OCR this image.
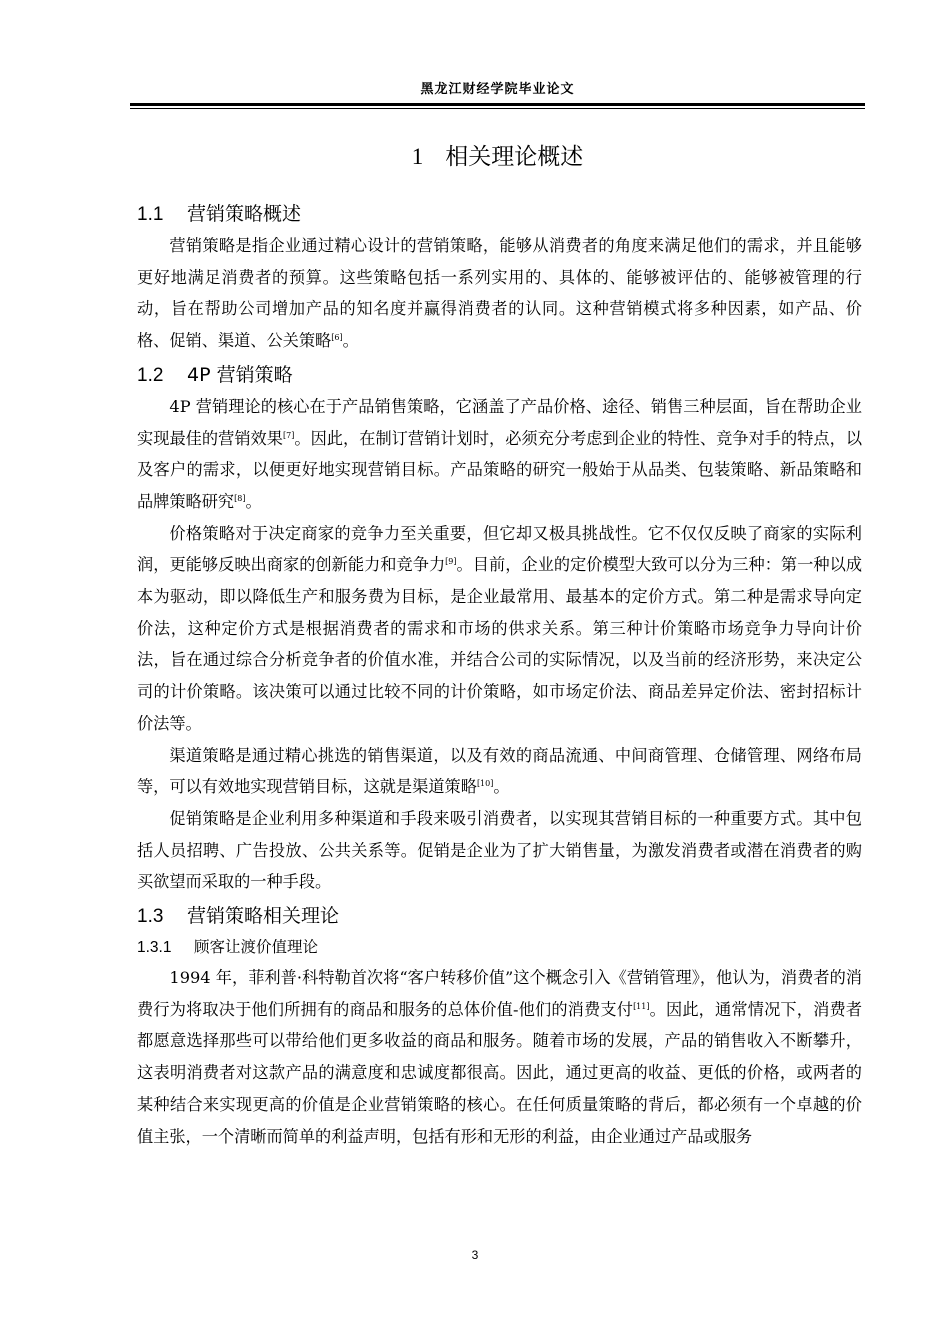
黑龙江财经学院毕业论文
1 相关理论概述
1.1 营销策略概述

营销策略是指企业通过精心设计的营销策略，能够从消费者的角度来满足他们的需求，并且能够更好地满足消费者的预算。这些策略包括一系列实用的、具体的、能够被评估的、能够被管理的行动，旨在帮助公司增加产品的知名度并赢得消费者的认同。这种营销模式将多种因素，如产品、价格、促销、渠道、公关策略[6]。

1.2 4P 营销策略

4P 营销理论的核心在于产品销售策略，它涵盖了产品价格、途径、销售三种层面，旨在帮助企业实现最佳的营销效果[7]。因此，在制订营销计划时，必须充分考虑到企业的特性、竞争对手的特点，以及客户的需求，以便更好地实现营销目标。产品策略的研究一般始于从品类、包装策略、新品策略和品牌策略研究[8]。

价格策略对于决定商家的竞争力至关重要，但它却又极具挑战性。它不仅仅反映了商家的实际利润，更能够反映出商家的创新能力和竞争力[9]。目前，企业的定价模型大致可以分为三种：第一种以成本为驱动，即以降低生产和服务费为目标，是企业最常用、最基本的定价方式。第二种是需求导向定价法，这种定价方式是根据消费者的需求和市场的供求关系。第三种计价策略市场竞争力导向计价法，旨在通过综合分析竞争者的价值水准，并结合公司的实际情况，以及当前的经济形势，来决定公司的计价策略。该决策可以通过比较不同的计价策略，如市场定价法、商品差异定价法、密封招标计价法等。

渠道策略是通过精心挑选的销售渠道，以及有效的商品流通、中间商管理、仓储管理、网络布局等，可以有效地实现营销目标，这就是渠道策略[10]。

促销策略是企业利用多种渠道和手段来吸引消费者，以实现其营销目标的一种重要方式。其中包括人员招聘、广告投放、公共关系等。促销是企业为了扩大销售量，为激发消费者或潜在消费者的购买欲望而采取的一种手段。

1.3 营销策略相关理论
1.3.1 顾客让渡价值理论

1994 年，菲利普·科特勒首次将“客户转移价值”这个概念引入《营销管理》，他认为，消费者的消费行为将取决于他们所拥有的商品和服务的总体价值-他们的消费支付[11]。因此，通常情况下，消费者都愿意选择那些可以带给他们更多收益的商品和服务。随着市场的发展，产品的销售收入不断攀升，这表明消费者对这款产品的满意度和忠诚度都很高。因此，通过更高的收益、更低的价格，或两者的某种结合来实现更高的价值是企业营销策略的核心。在任何质量策略的背后，都必须有一个卓越的价值主张，一个清晰而简单的利益声明，包括有形和无形的利益，由企业通过产品或服务

3
